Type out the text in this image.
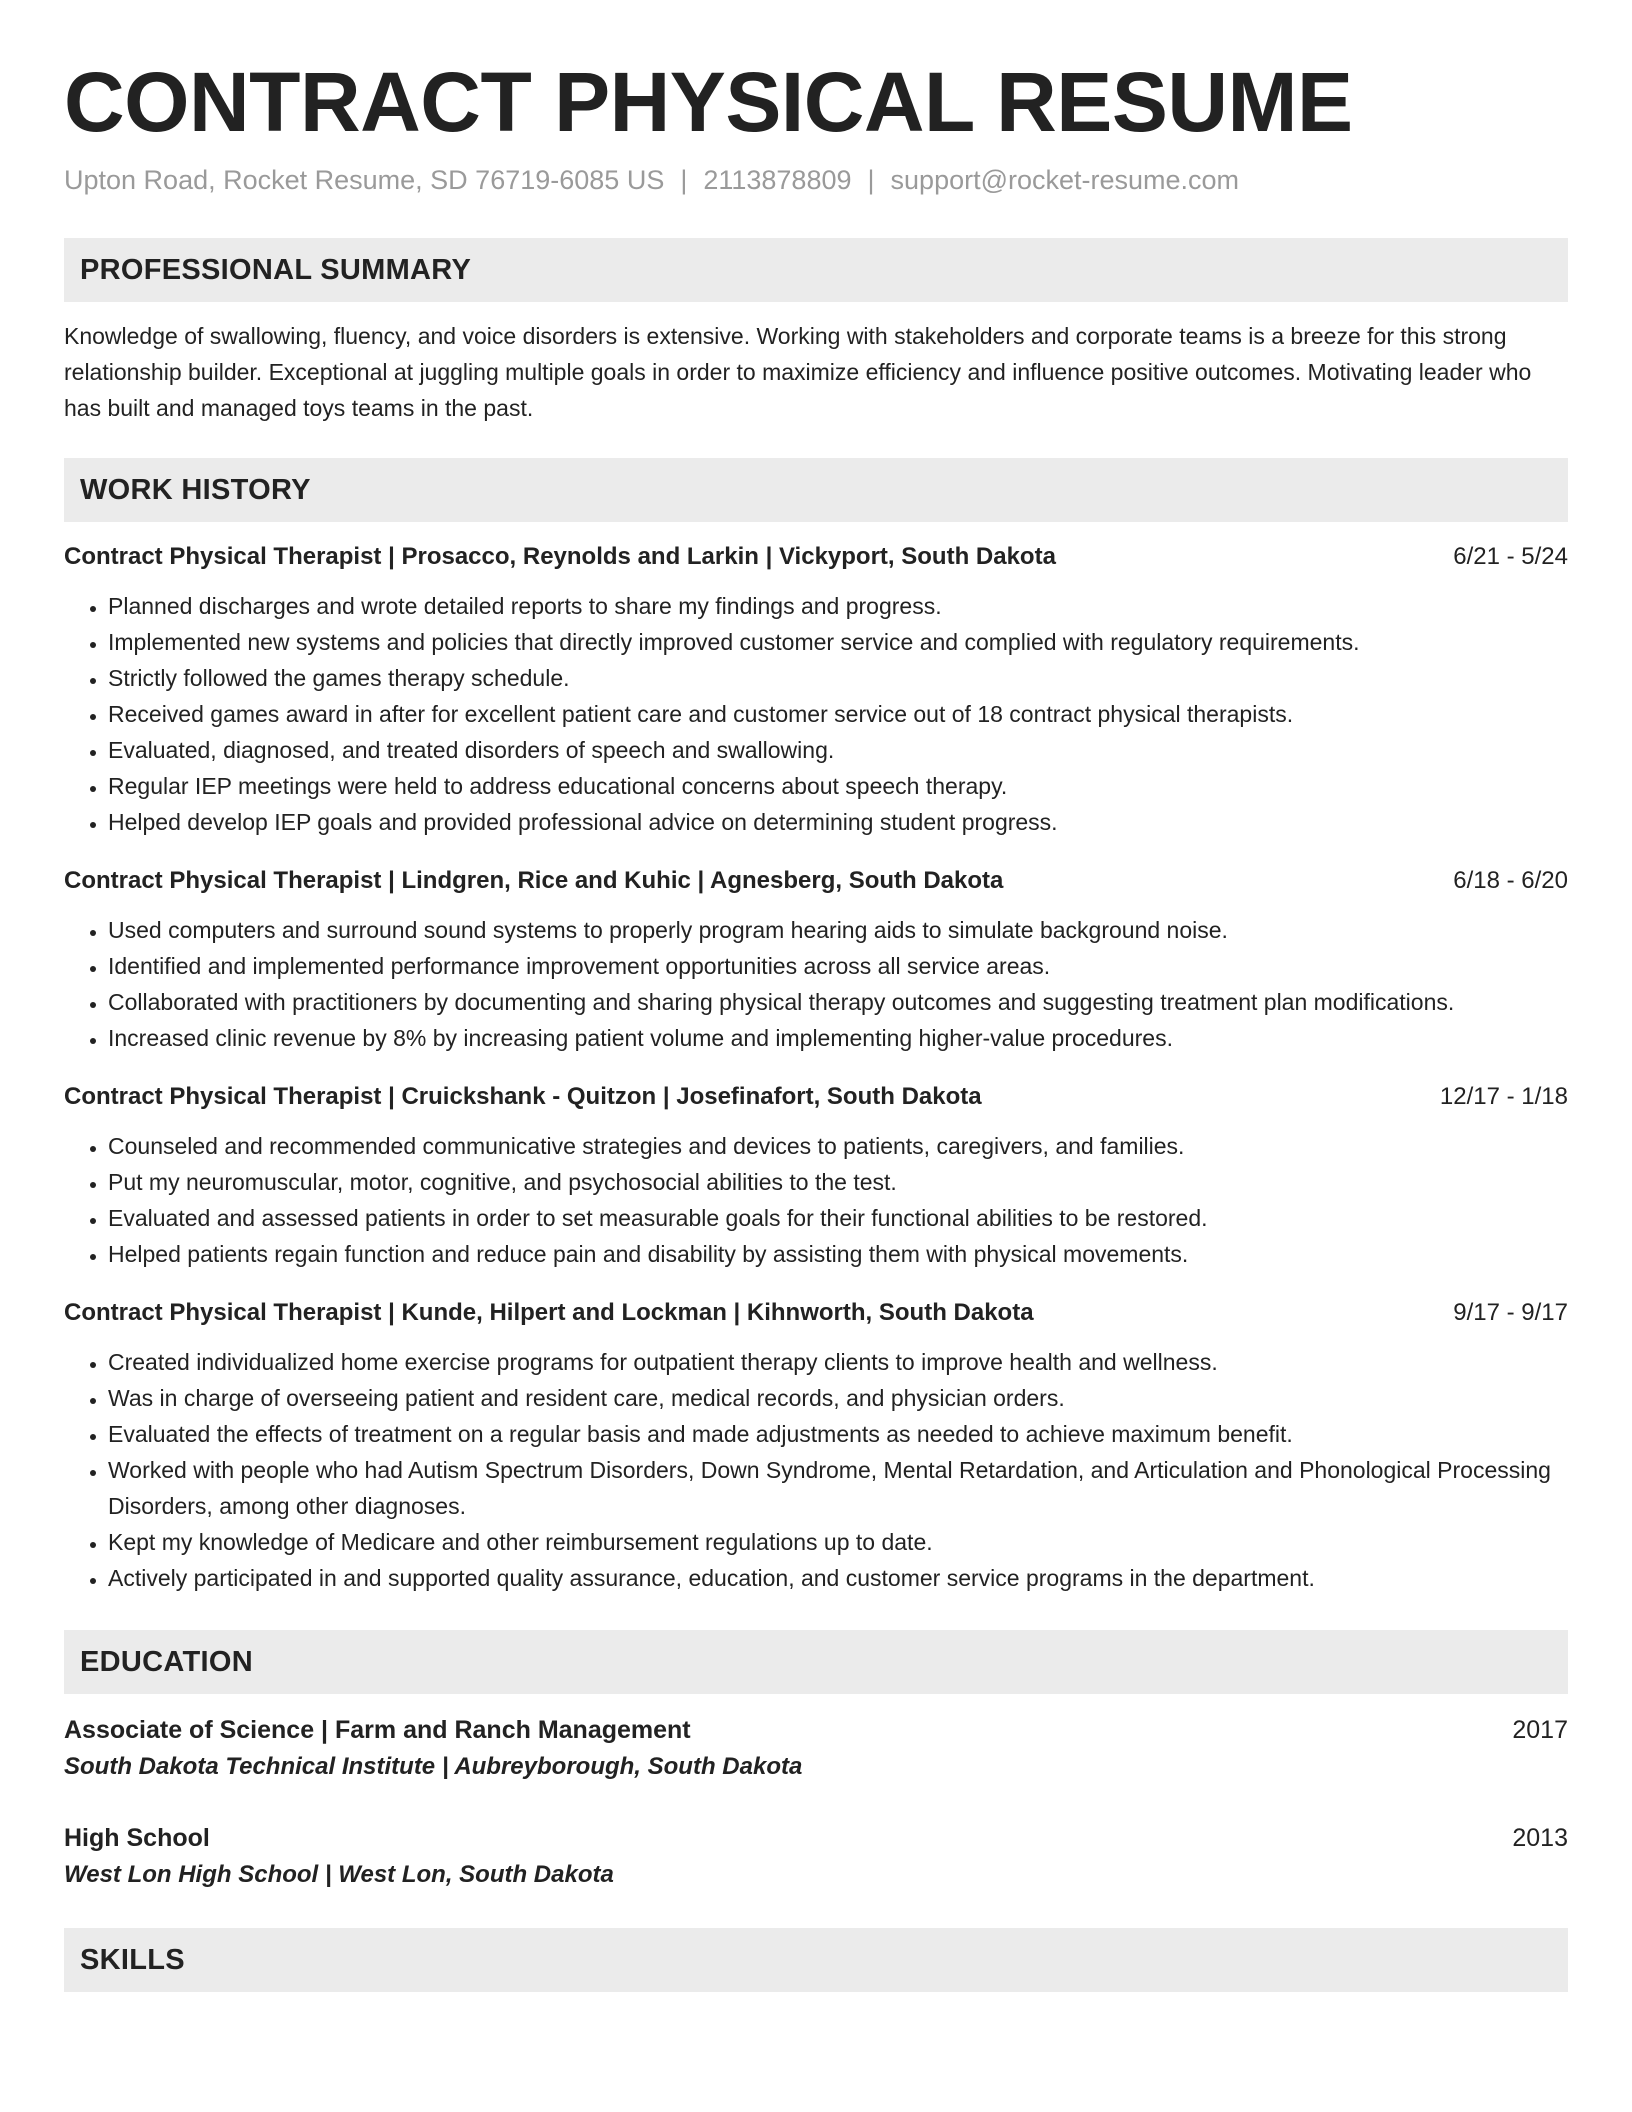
CONTRACT PHYSICAL RESUME
Upton Road, Rocket Resume, SD 76719-6085 US | 2113878809 | support@rocket-resume.com
PROFESSIONAL SUMMARY

Knowledge of swallowing, fluency, and voice disorders is extensive. Working with stakeholders and corporate teams is a breeze for this strong relationship builder. Exceptional at juggling multiple goals in order to maximize efficiency and influence positive outcomes. Motivating leader who has built and managed toys teams in the past.

WORK HISTORY
Contract Physical Therapist | Prosacco, Reynolds and Larkin | Vickyport, South Dakota	6/21 - 5/24
• Planned discharges and wrote detailed reports to share my findings and progress.
• Implemented new systems and policies that directly improved customer service and complied with regulatory requirements.
• Strictly followed the games therapy schedule.
• Received games award in after for excellent patient care and customer service out of 18 contract physical therapists.
• Evaluated, diagnosed, and treated disorders of speech and swallowing.
• Regular IEP meetings were held to address educational concerns about speech therapy.
• Helped develop IEP goals and provided professional advice on determining student progress.
Contract Physical Therapist | Lindgren, Rice and Kuhic | Agnesberg, South Dakota	6/18 - 6/20
• Used computers and surround sound systems to properly program hearing aids to simulate background noise.
• Identified and implemented performance improvement opportunities across all service areas.
• Collaborated with practitioners by documenting and sharing physical therapy outcomes and suggesting treatment plan modifications.
• Increased clinic revenue by 8% by increasing patient volume and implementing higher-value procedures.
Contract Physical Therapist | Cruickshank - Quitzon | Josefinafort, South Dakota	12/17 - 1/18
• Counseled and recommended communicative strategies and devices to patients, caregivers, and families.
• Put my neuromuscular, motor, cognitive, and psychosocial abilities to the test.
• Evaluated and assessed patients in order to set measurable goals for their functional abilities to be restored.
• Helped patients regain function and reduce pain and disability by assisting them with physical movements.
Contract Physical Therapist | Kunde, Hilpert and Lockman | Kihnworth, South Dakota	9/17 - 9/17
• Created individualized home exercise programs for outpatient therapy clients to improve health and wellness.
• Was in charge of overseeing patient and resident care, medical records, and physician orders.
• Evaluated the effects of treatment on a regular basis and made adjustments as needed to achieve maximum benefit.
• Worked with people who had Autism Spectrum Disorders, Down Syndrome, Mental Retardation, and Articulation and Phonological Processing Disorders, among other diagnoses.
• Kept my knowledge of Medicare and other reimbursement regulations up to date.
• Actively participated in and supported quality assurance, education, and customer service programs in the department.
EDUCATION
Associate of Science | Farm and Ranch Management	2017
South Dakota Technical Institute | Aubreyborough, South Dakota
High School	2013
West Lon High School | West Lon, South Dakota
SKILLS
